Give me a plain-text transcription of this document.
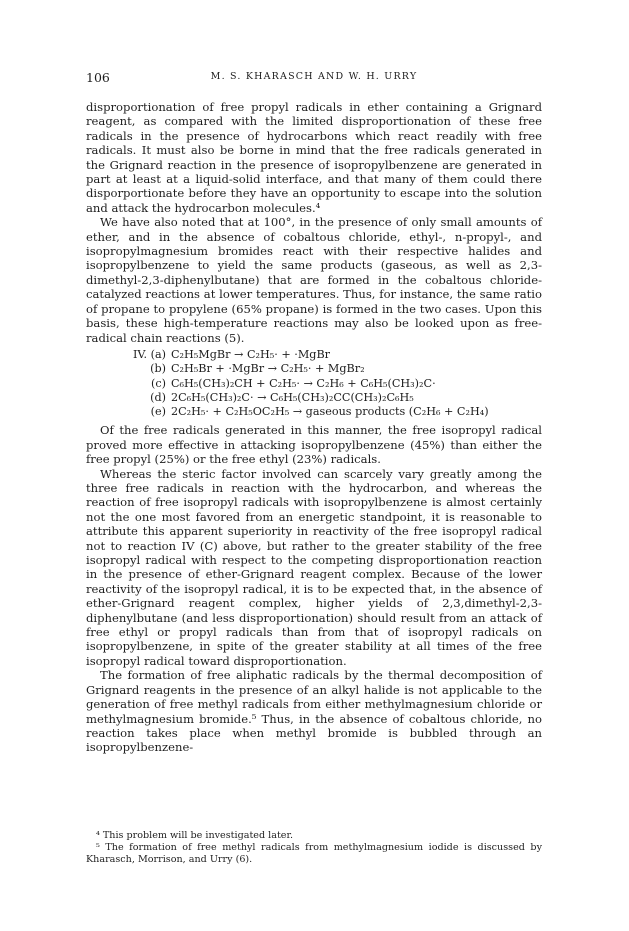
106	M. S. KHARASCH AND W. H. URRY

disproportionation of free propyl radicals in ether containing a Grignard reagent, as compared with the limited disproportionation of these free radicals in the presence of hydrocarbons which react readily with free radicals. It must also be borne in mind that the free radicals generated in the Grignard reaction in the presence of isopropylbenzene are generated in part at least at a liquid-solid interface, and that many of them could there disporportionate before they have an opportunity to escape into the solution and attack the hydrocarbon molecules.⁴

We have also noted that at 100°, in the presence of only small amounts of ether, and in the absence of cobaltous chloride, ethyl-, n-propyl-, and isopropylmagnesium bromides react with their respective halides and isopropylbenzene to yield the same products (gaseous, as well as 2,3-dimethyl-2,3-diphenylbutane) that are formed in the cobaltous chloride-catalyzed reactions at lower temperatures. Thus, for instance, the same ratio of propane to propylene (65% propane) is formed in the two cases. Upon this basis, these high-temperature reactions may also be looked upon as free-radical chain reactions (5).

IV. (a) C₂H₅MgBr → C₂H₅· + ·MgBr
(b) C₂H₅Br + ·MgBr → C₂H₅· + MgBr₂
(c) C₆H₅(CH₃)₂CH + C₂H₅· → C₂H₆ + C₆H₅(CH₃)₂C·
(d) 2C₆H₅(CH₃)₂C· → C₆H₅(CH₃)₂CC(CH₃)₂C₆H₅
(e) 2C₂H₅· + C₂H₅OC₂H₅ → gaseous products (C₂H₆ + C₂H₄)

Of the free radicals generated in this manner, the free isopropyl radical proved more effective in attacking isopropylbenzene (45%) than either the free propyl (25%) or the free ethyl (23%) radicals.

Whereas the steric factor involved can scarcely vary greatly among the three free radicals in reaction with the hydrocarbon, and whereas the reaction of free isopropyl radicals with isopropylbenzene is almost certainly not the one most favored from an energetic standpoint, it is reasonable to attribute this apparent superiority in reactivity of the free isopropyl radical not to reaction IV (C) above, but rather to the greater stability of the free isopropyl radical with respect to the competing disproportionation reaction in the presence of ether-Grignard reagent complex. Because of the lower reactivity of the isopropyl radical, it is to be expected that, in the absence of ether-Grignard reagent complex, higher yields of 2,3,dimethyl-2,3-diphenylbutane (and less disproportionation) should result from an attack of free ethyl or propyl radicals than from that of isopropyl radicals on isopropylbenzene, in spite of the greater stability at all times of the free isopropyl radical toward disproportionation.

The formation of free aliphatic radicals by the thermal decomposition of Grignard reagents in the presence of an alkyl halide is not applicable to the generation of free methyl radicals from either methylmagnesium chloride or methylmagnesium bromide.⁵ Thus, in the absence of cobaltous chloride, no reaction takes place when methyl bromide is bubbled through an isopropylbenzene-

⁴ This problem will be investigated later.

⁵ The formation of free methyl radicals from methylmagnesium iodide is discussed by Kharasch, Morrison, and Urry (6).
